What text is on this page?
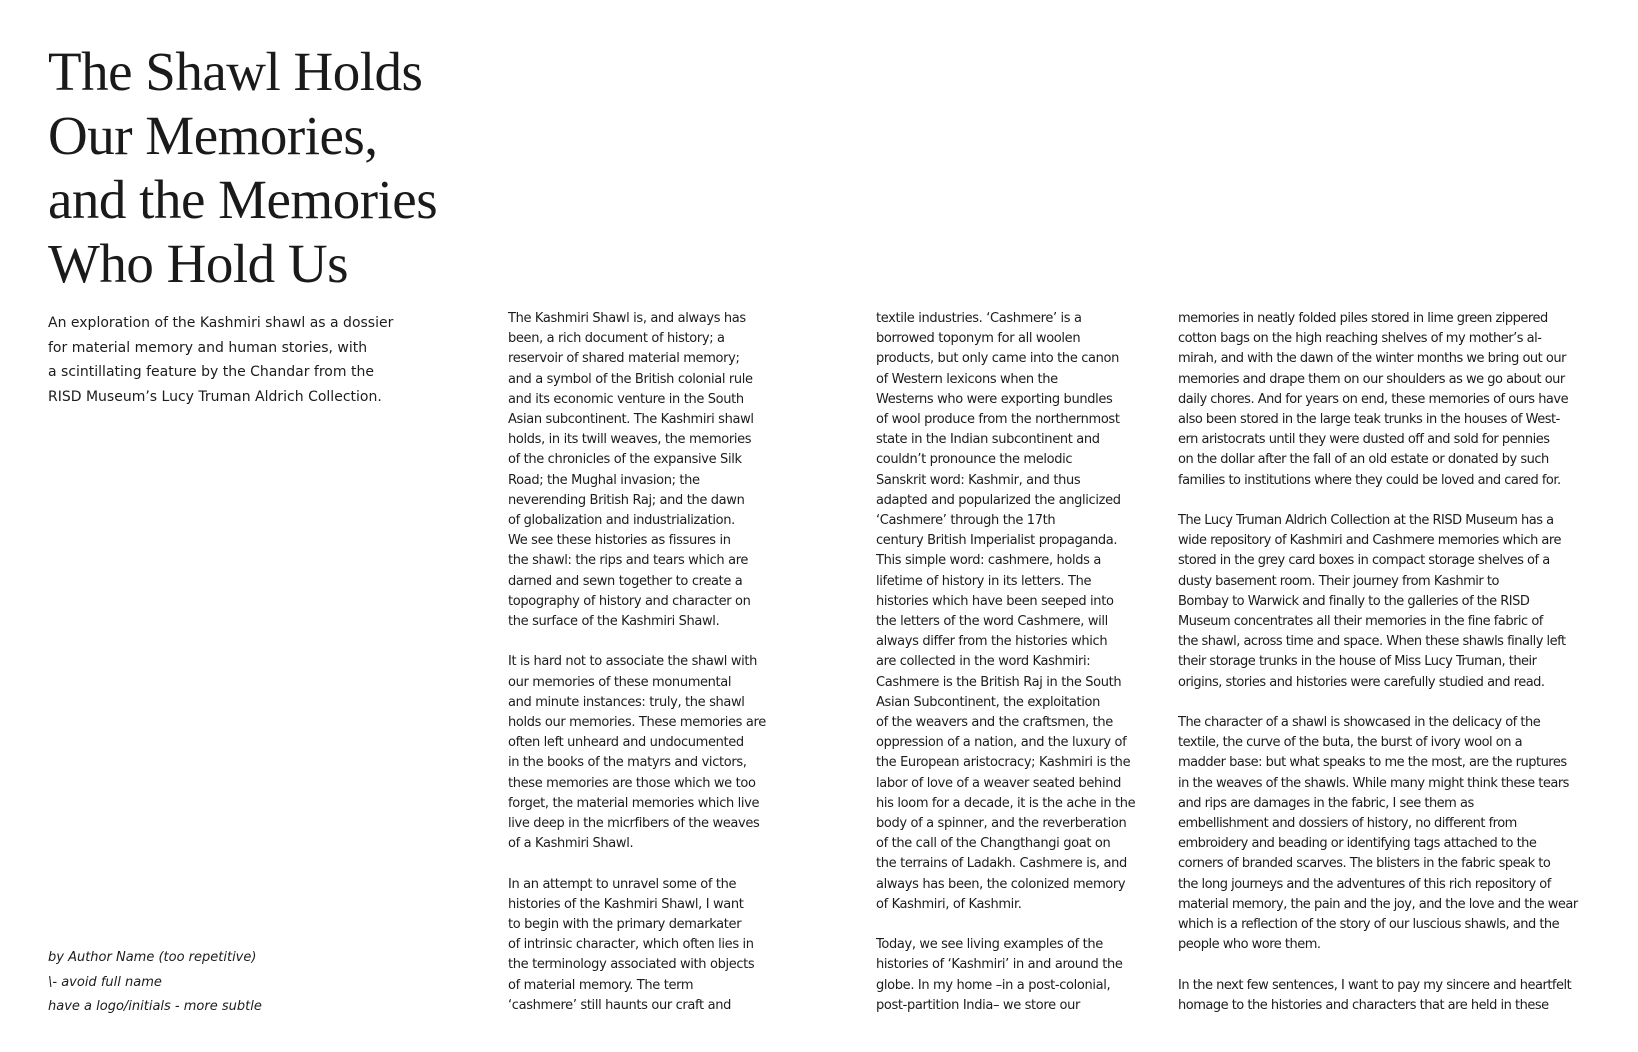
The Shawl Holds
Our Memories,
and the Memories
Who Hold Us
An exploration of the Kashmiri shawl as a dossier
for material memory and human stories, with
a scintillating feature by the Chandar from the
RISD Museum’s Lucy Truman Aldrich Collection.

The Kashmiri Shawl is, and always has
been, a rich document of history; a
reservoir of shared material memory;
and a symbol of the British colonial rule
and its economic venture in the South
Asian subcontinent. The Kashmiri shawl
holds, in its twill weaves, the memories
of the chronicles of the expansive Silk
Road; the Mughal invasion; the
neverending British Raj; and the dawn
of globalization and industrialization.
We see these histories as fissures in
the shawl: the rips and tears which are
darned and sewn together to create a
topography of history and character on
the surface of the Kashmiri Shawl.

It is hard not to associate the shawl with
our memories of these monumental
and minute instances: truly, the shawl
holds our memories. These memories are
often left unheard and undocumented
in the books of the matyrs and victors,
these memories are those which we too
forget, the material memories which live
live deep in the micrfibers of the weaves
of a Kashmiri Shawl.

In an attempt to unravel some of the
histories of the Kashmiri Shawl, I want
to begin with the primary demarkater
of intrinsic character, which often lies in
the terminology associated with objects
of material memory. The term
‘cashmere’ still haunts our craft and

textile industries. ‘Cashmere’ is a
borrowed toponym for all woolen
products, but only came into the canon
of Western lexicons when the
Westerns who were exporting bundles
of wool produce from the northernmost
state in the Indian subcontinent and
couldn’t pronounce the melodic
Sanskrit word: Kashmir, and thus
adapted and popularized the anglicized
‘Cashmere’ through the 17th
century British Imperialist propaganda.
This simple word: cashmere, holds a
lifetime of history in its letters. The
histories which have been seeped into
the letters of the word Cashmere, will
always differ from the histories which
are collected in the word Kashmiri:
Cashmere is the British Raj in the South
Asian Subcontinent, the exploitation
of the weavers and the craftsmen, the
oppression of a nation, and the luxury of
the European aristocracy; Kashmiri is the
labor of love of a weaver seated behind
his loom for a decade, it is the ache in the
body of a spinner, and the reverberation
of the call of the Changthangi goat on
the terrains of Ladakh. Cashmere is, and
always has been, the colonized memory
of Kashmiri, of Kashmir.

Today, we see living examples of the
histories of ‘Kashmiri’ in and around the
globe. In my home –in a post-colonial,
post-partition India– we store our

memories in neatly folded piles stored in lime green zippered
cotton bags on the high reaching shelves of my mother’s al-
mirah, and with the dawn of the winter months we bring out our
memories and drape them on our shoulders as we go about our
daily chores. And for years on end, these memories of ours have
also been stored in the large teak trunks in the houses of West-
ern aristocrats until they were dusted off and sold for pennies
on the dollar after the fall of an old estate or donated by such
families to institutions where they could be loved and cared for.

The Lucy Truman Aldrich Collection at the RISD Museum has a
wide repository of Kashmiri and Cashmere memories which are
stored in the grey card boxes in compact storage shelves of a
dusty basement room. Their journey from Kashmir to
Bombay to Warwick and finally to the galleries of the RISD
Museum concentrates all their memories in the fine fabric of
the shawl, across time and space. When these shawls finally left
their storage trunks in the house of Miss Lucy Truman, their
origins, stories and histories were carefully studied and read.

The character of a shawl is showcased in the delicacy of the
textile, the curve of the buta, the burst of ivory wool on a
madder base: but what speaks to me the most, are the ruptures
in the weaves of the shawls. While many might think these tears
and rips are damages in the fabric, I see them as
embellishment and dossiers of history, no different from
embroidery and beading or identifying tags attached to the
corners of branded scarves. The blisters in the fabric speak to
the long journeys and the adventures of this rich repository of
material memory, the pain and the joy, and the love and the wear
which is a reflection of the story of our luscious shawls, and the
people who wore them.

In the next few sentences, I want to pay my sincere and heartfelt
homage to the histories and characters that are held in these

by Author Name (too repetitive)
\- avoid full name
have a logo/initials - more subtle
